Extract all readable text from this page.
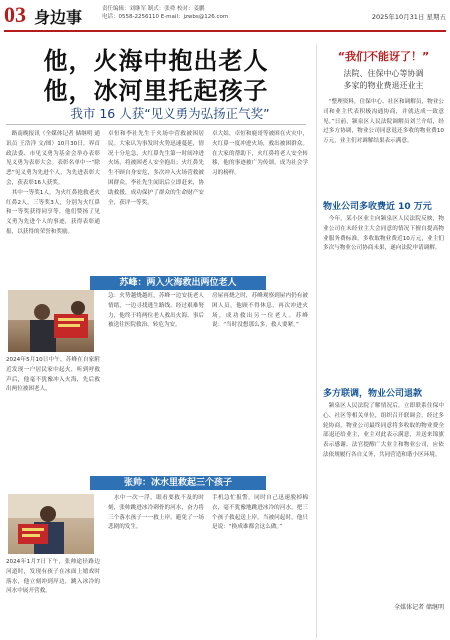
03 身边事	责任编辑：刘继军 制式：张舜 校对：姜鹏
电话：0558-2256110 E-mail：jzwbs@126.com	2025年10月31日 星期五
他，火海中抱出老人
他，冰河里托起孩子
我市 16 人获“见义勇为弘扬正气奖”
　路南晚报讯（全媒体记者 储继明 通讯员 王浩洋 文/图）10月30日，界首政法委、市见义勇为基金会举办表彰见义勇为表彰大会。表彰名单中一“除恶”见义勇为先进个人，为先进表彰大会，获表彰16人获奖。
　其中一等奖1人，为火红鼻抢救老火红鼻2人，三等奖3人，分别为火红鼻和一等奖获得同享等，他们赞扬了见义勇为先进个人的事迹，获得表彰通报，以获得的荣誉和奖励。
卓恒和李社先生于火场中营救被困居民。大家认为事发时火势迅速蔓延，情况十分危急，火红鼻先生第一时间冲进火场，将被困老人安全抱出；火红鼻先生不顾自身安危，多次冲入火场营救被困群众。李社先生闻讯后立即赶来，协助救援，成功保护了群众的生命财产安全，获评一等奖。
卓大姑，卓恒和鹿哥等被困在火灾中，火红鼻一度冲进火场，救出被困群众。在大家的帮助下，火红鼻将老人安全转移，他的事迹被广为传颂，成为社会学习的榜样。
苏峰：两入火海救出两位老人
2024年5月10日中午，苏峰在自家附近发现一户居民家中起火，听到呼救声后，他毫不犹豫冲入火海，先后救出两位被困老人。
急：火势越烧越旺，苏峰一边安抚老人情绪，一边寻找逃生路线。经过艰难努力，他终于将两位老人救出火海，事后被送往医院救治，转危为安。
房屋再烧之时，苏峰观察到屋内仍有被困人员，他顾不得休息，再次冲进火场，成功救出另一位老人。苏峰说：“当时没想那么多，救人要紧。”
张帅：冰水里救起三个孩子
　水中一次一浮，眼看要救不及的时刻，张帅跳进冰冷刺骨的河水，奋力将三个落水孩子一一救上岸，避免了一场悲剧的发生。
2024年1月7日下午，张帅途径路边河道时，发现有孩子在冰面上嬉戏时落水，他立刻冲到岸边，跳入冰冷的河水中展开营救。
手机急忙报警，同时自己迅速脱掉棉衣，毫不犹豫地跳进冰冷的河水，把三个孩子救起送上岸。当被问起时，他只是说：“换成谁都会这么做。”
“我们不能讶了！”
法院、住保中心等协调
多家的物业费退还业主
　“整理资料，住保中心、社区和调解员，物业公司和业主代表积极沟通协商，并就达成一致意见。”日前，颍泉区人民法院调解员刘兰介绍，经过多方协调，物业公司同意退还多收的物业费10万元，业主们对调解结果表示满意。
物业公司多收费近 10 万元
　今年，某小区业主向颍泉区人民法院反映，物业公司在未经业主大会同意的情况下擅自提高物业服务费标准，多收取物业费近10万元，业主们多次与物业公司协商未果，遂向法院申请调解。
多方联调，物业公司退款
　颍泉区人民法院了解情况后，立即联系住保中心、社区等相关单位，组织召开联调会。经过多轮协商，物业公司最终同意将多收取的物业费全部退还给业主，业主对此表示满意，并送来锦旗表示感谢。法官提醒广大业主和物业公司，应依法依规履行各自义务，共同营造和谐小区环境。
全媒体记者 储继明
